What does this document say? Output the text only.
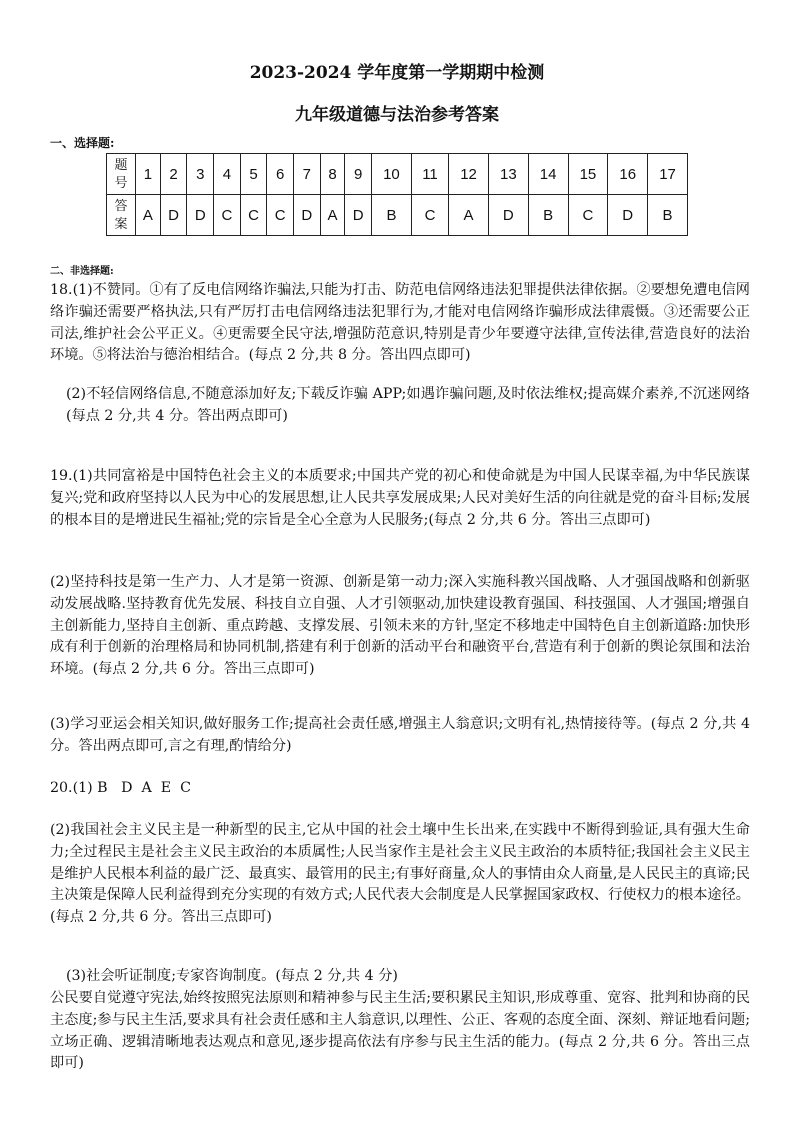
2023-2024 学年度第一学期期中检测
九年级道德与法治参考答案
一、选择题:
题
号	1	2	3	4	5	6	7	8	9	10	11	12	13	14	15	16	17
答
案	A	D	D	C	C	C	D	A	D	B	C	A	D	B	C	D	B
二、非选择题:
18.(1)不赞同。①有了反电信网络诈骗法,只能为打击、防范电信网络违法犯罪提供法律依据。②要想免遭电信网络诈骗还需要严格执法,只有严厉打击电信网络违法犯罪行为,才能对电信网络诈骗形成法律震慑。③还需要公正司法,维护社会公平正义。④更需要全民守法,增强防范意识,特别是青少年要遵守法律,宣传法律,营造良好的法治环境。⑤将法治与德治相结合。(每点 2 分,共 8 分。答出四点即可)
(2)不轻信网络信息,不随意添加好友;下载反诈骗 APP;如遇诈骗问题,及时依法维权;提高媒介素养,不沉迷网络(每点 2 分,共 4 分。答出两点即可)
19.(1)共同富裕是中国特色社会主义的本质要求;中国共产党的初心和使命就是为中国人民谋幸福,为中华民族谋复兴;党和政府坚持以人民为中心的发展思想,让人民共享发展成果;人民对美好生活的向往就是党的奋斗目标;发展的根本目的是增进民生福祉;党的宗旨是全心全意为人民服务;(每点 2 分,共 6 分。答出三点即可)
(2)坚持科技是第一生产力、人才是第一资源、创新是第一动力;深入实施科教兴国战略、人才强国战略和创新驱动发展战略.坚持教育优先发展、科技自立自强、人才引领驱动,加快建设教育强国、科技强国、人才强国;增强自主创新能力,坚持自主创新、重点跨越、支撑发展、引领未来的方针,坚定不移地走中国特色自主创新道路:加快形成有利于创新的治理格局和协同机制,搭建有利于创新的活动平台和融资平台,营造有利于创新的舆论氛围和法治环境。(每点 2 分,共 6 分。答出三点即可)
(3)学习亚运会相关知识,做好服务工作;提高社会责任感,增强主人翁意识;文明有礼,热情接待等。(每点 2 分,共 4 分。答出两点即可,言之有理,酌情给分)
20.(1) B   D  A  E  C
(2)我国社会主义民主是一种新型的民主,它从中国的社会土壤中生长出来,在实践中不断得到验证,具有强大生命力;全过程民主是社会主义民主政治的本质属性;人民当家作主是社会主义民主政治的本质特征;我国社会主义民主是维护人民根本利益的最广泛、最真实、最管用的民主;有事好商量,众人的事情由众人商量,是人民民主的真谛;民主决策是保障人民利益得到充分实现的有效方式;人民代表大会制度是人民掌握国家政权、行使权力的根本途径。(每点 2 分,共 6 分。答出三点即可)
(3)社会听证制度;专家咨询制度。(每点 2 分,共 4 分)
公民要自觉遵守宪法,始终按照宪法原则和精神参与民主生活;要积累民主知识,形成尊重、宽容、批判和协商的民主态度;参与民主生活,要求具有社会责任感和主人翁意识,以理性、公正、客观的态度全面、深刻、辩证地看问题;立场正确、逻辑清晰地表达观点和意见,逐步提高依法有序参与民主生活的能力。(每点 2 分,共 6 分。答出三点即可)
